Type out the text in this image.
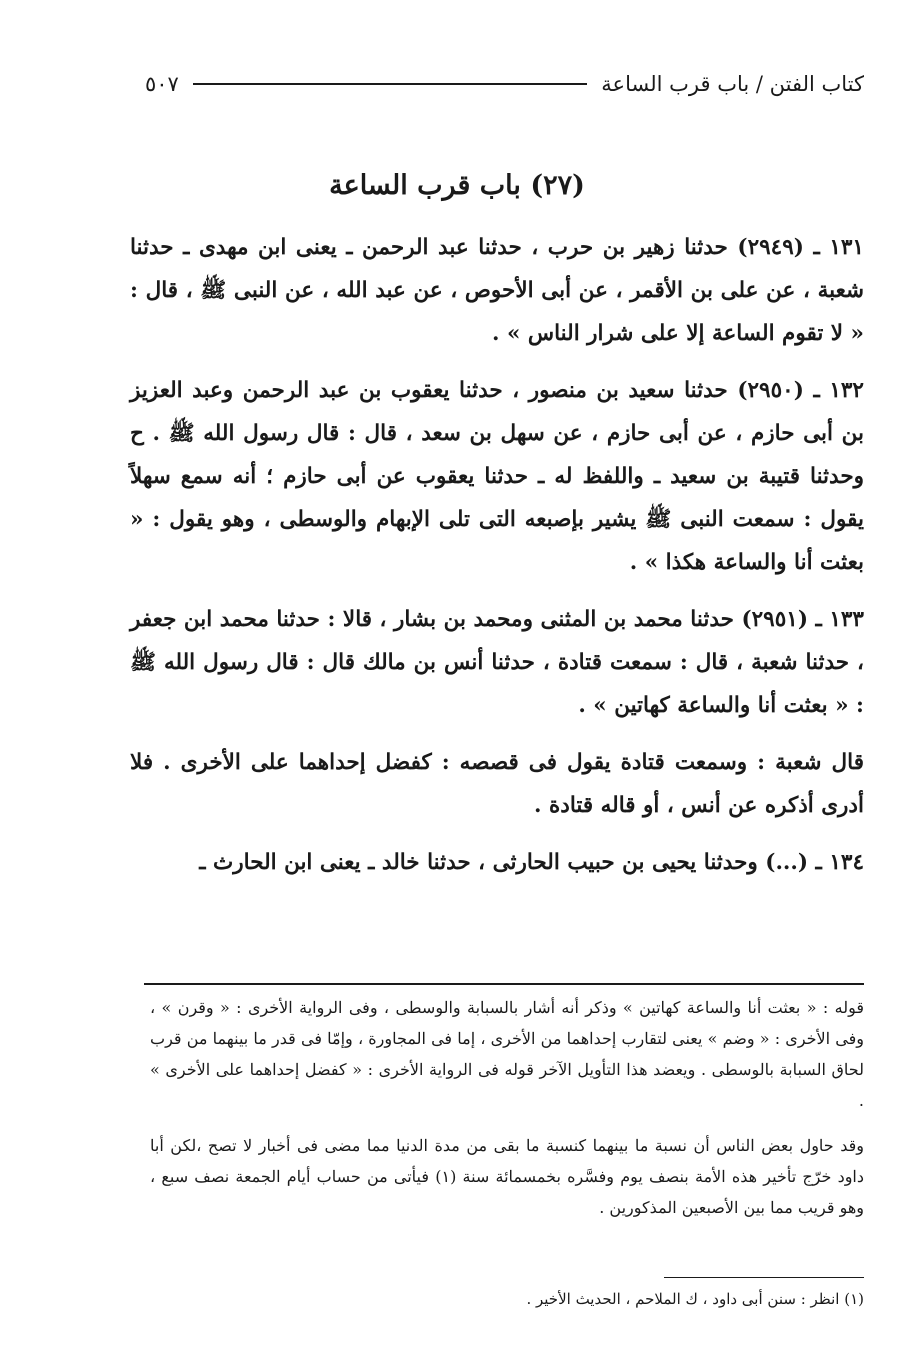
كتاب الفتن / باب قرب الساعة
٥٠٧
(٢٧) باب قرب الساعة

١٣١ ـ (٢٩٤٩) حدثنا زهير بن حرب ، حدثنا عبد الرحمن ـ يعنى ابن مهدى ـ حدثنا شعبة ، عن على بن الأقمر ، عن أبى الأحوص ، عن عبد الله ، عن النبى ﷺ ، قال : « لا تقوم الساعة إلا على شرار الناس » .

١٣٢ ـ (٢٩٥٠) حدثنا سعيد بن منصور ، حدثنا يعقوب بن عبد الرحمن وعبد العزيز بن أبى حازم ، عن أبى حازم ، عن سهل بن سعد ، قال : قال رسول الله ﷺ . ح وحدثنا قتيبة بن سعيد ـ واللفظ له ـ حدثنا يعقوب عن أبى حازم ؛ أنه سمع سهلاً يقول : سمعت النبى ﷺ يشير بإصبعه التى تلى الإبهام والوسطى ، وهو يقول : « بعثت أنا والساعة هكذا » .

١٣٣ ـ (٢٩٥١) حدثنا محمد بن المثنى ومحمد بن بشار ، قالا : حدثنا محمد ابن جعفر ، حدثنا شعبة ، قال : سمعت قتادة ، حدثنا أنس بن مالك قال : قال رسول الله ﷺ : « بعثت أنا والساعة كهاتين » .

قال شعبة : وسمعت قتادة يقول فى قصصه : كفضل إحداهما على الأخرى . فلا أدرى أذكره عن أنس ، أو قاله قتادة .

١٣٤ ـ (...) وحدثنا يحيى بن حبيب الحارثى ، حدثنا خالد ـ يعنى ابن الحارث ـ

قوله : « بعثت أنا والساعة كهاتين » وذكر أنه أشار بالسبابة والوسطى ، وفى الرواية الأخرى : « وقرن » ، وفى الأخرى : « وضم » يعنى لتقارب إحداهما من الأخرى ، إما فى المجاورة ، وإمّا فى قدر ما بينهما من قرب لحاق السبابة بالوسطى . ويعضد هذا التأويل الآخر قوله فى الرواية الأخرى : « كفضل إحداهما على الأخرى » .

وقد حاول بعض الناس أن نسبة ما بينهما كنسبة ما بقى من مدة الدنيا مما مضى فى أخبار لا تصح ،لكن أبا داود خرّج تأخير هذه الأمة بنصف يوم وفسَّره بخمسمائة سنة (١) فيأتى من حساب أيام الجمعة نصف سبع ، وهو قريب مما بين الأصبعين المذكورين .

(١) انظر : سنن أبى داود ، ك الملاحم ، الحديث الأخير .
